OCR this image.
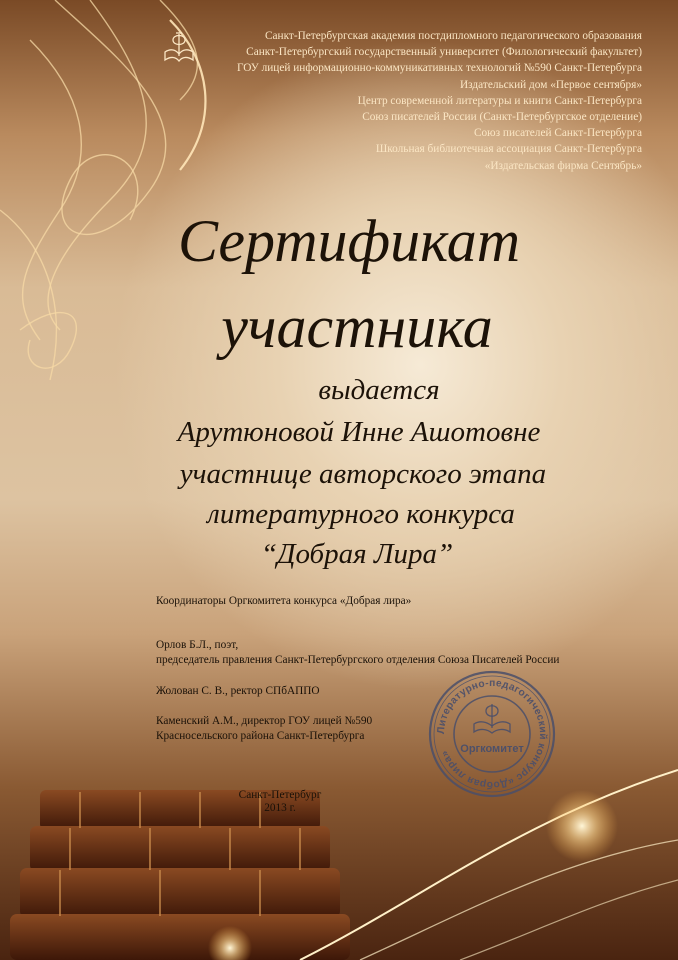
Санкт-Петербургская академия постдипломного педагогического образования
Санкт-Петербургский государственный университет (Филологический факультет)
ГОУ лицей информационно-коммуникативных технологий №590 Санкт-Петербурга
Издательский дом «Первое сентября»
Центр современной литературы и книги Санкт-Петербурга
Союз писателей России (Санкт-Петербургское отделение)
Союз писателей Санкт-Петербурга
Школьная библиотечная ассоциация Санкт-Петербурга
«Издательская фирма Сентябрь»
Сертификат
участника
выдается
Арутюновой Инне Ашотовне
участнице авторского этапа
литературного конкурса
“Добрая Лира”
Координаторы Оргкомитета конкурса «Добрая лира»
Орлов Б.Л., поэт,
председатель правления Санкт-Петербургского отделения Союза Писателей России
Жолован С. В., ректор СПбАППО
Каменский А.М., директор ГОУ лицей №590
Красносельского района Санкт-Петербурга
Санкт-Петербург
2013 г.
Литературно-педагогический конкурс «Добрая лира» Оргкомитет
